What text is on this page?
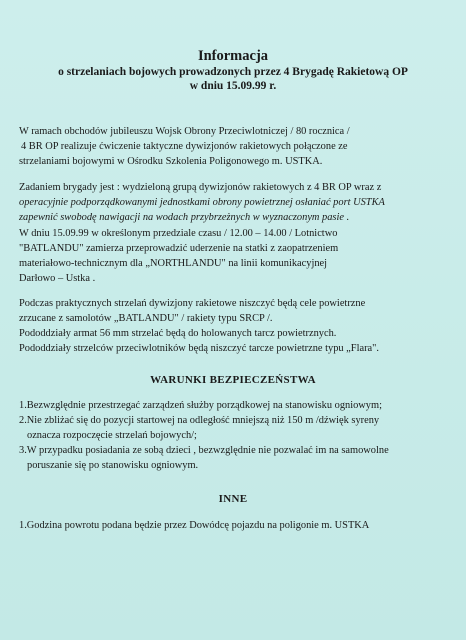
Informacja
o strzelaniach bojowych prowadzonych przez 4 Brygadę Rakietową OP
w dniu 15.09.99 r.

W ramach obchodów jubileuszu Wojsk Obrony Przeciwlotniczej / 80 rocznica /

4 BR OP realizuje ćwiczenie taktyczne dywizjonów rakietowych połączone ze

strzelaniami bojowymi w Ośrodku Szkolenia Poligonowego m. USTKA.

Zadaniem brygady jest : wydzieloną grupą dywizjonów rakietowych z 4 BR OP wraz z

operacyjnie podporządkowanymi jednostkami obrony powietrznej osłaniać port USTKA

zapewnić swobodę nawigacji na wodach przybrzeżnych w wyznaczonym pasie .

W dniu 15.09.99 w określonym przedziale czasu / 12.00 – 14.00 / Lotnictwo

"BATLANDU" zamierza przeprowadzić uderzenie na statki z zaopatrzeniem

materiałowo-technicznym dla „NORTHLANDU" na linii komunikacyjnej

Darłowo – Ustka .

Podczas praktycznych strzelań dywizjony rakietowe niszczyć będą cele powietrzne

zrzucane z samolotów „BATLANDU" / rakiety typu SRCP /.

Pododdziały armat 56 mm strzelać będą do holowanych tarcz powietrznych.

Pododdziały strzelców przeciwlotników będą niszczyć tarcze powietrzne typu „Flara".

WARUNKI BEZPIECZEŃSTWA

1.Bezwzględnie przestrzegać zarządzeń służby porządkowej na stanowisku ogniowym;

2.Nie zbliżać się do pozycji startowej na odległość mniejszą niż 150 m /dźwięk syreny

oznacza rozpoczęcie strzelań bojowych/;

3.W przypadku posiadania ze sobą dzieci , bezwzględnie nie pozwalać im na samowolne

poruszanie się po stanowisku ogniowym.

INNE

1.Godzina powrotu podana będzie przez Dowódcę pojazdu na poligonie m. USTKA
